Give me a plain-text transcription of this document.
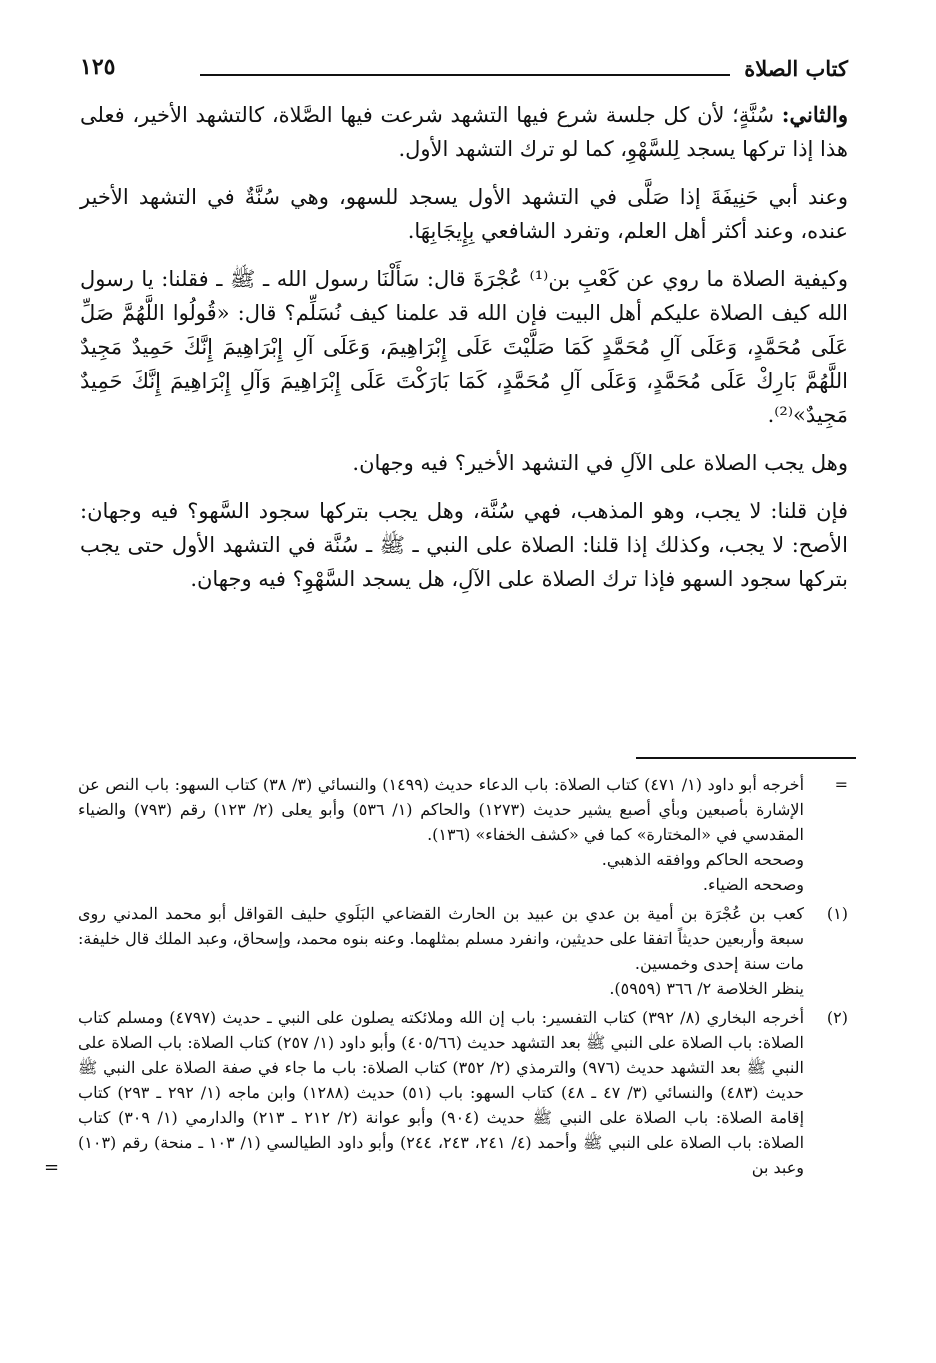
كتاب الصلاة
١٢٥

والثاني: سُنَّةٍ؛ لأن كل جلسة شرع فيها التشهد شرعت فيها الصَّلاة، كالتشهد الأخير، فعلى هذا إذا تركها يسجد لِلسَّهْوِ، كما لو ترك التشهد الأول.

وعند أبي حَنِيفَةَ إذا صَلَّى في التشهد الأول يسجد للسهو، وهي سُنَّةٌ في التشهد الأخير عنده، وعند أكثر أهل العلم، وتفرد الشافعي بِإِيجَابِهَا.

وكيفية الصلاة ما روي عن كَعْبِ بن⁽¹⁾ عُجْرَةَ قال: سَأَلْنَا رسول الله ـ ﷺ ـ فقلنا: يا رسول الله كيف الصلاة عليكم أهل البيت فإن الله قد علمنا كيف نُسَلِّم؟ قال: «قُولُوا اللَّهُمَّ صَلِّ عَلَى مُحَمَّدٍ، وَعَلَى آلِ مُحَمَّدٍ كَمَا صَلَّيْتَ عَلَى إِبْرَاهِيمَ، وَعَلَى آلِ إِبْرَاهِيمَ إِنَّكَ حَمِيدٌ مَجِيدٌ اللَّهُمَّ بَارِكْ عَلَى مُحَمَّدٍ، وَعَلَى آلِ مُحَمَّدٍ، كَمَا بَارَكْتَ عَلَى إِبْرَاهِيمَ وَآلِ إِبْرَاهِيمَ إِنَّكَ حَمِيدٌ مَجِيدٌ»⁽²⁾.

وهل يجب الصلاة على الآلِ في التشهد الأخير؟ فيه وجهان.

فإن قلنا: لا يجب، وهو المذهب، فهي سُنَّة، وهل يجب بتركها سجود السَّهو؟ فيه وجهان: الأصح: لا يجب، وكذلك إذا قلنا: الصلاة على النبي ـ ﷺ ـ سُنَّة في التشهد الأول حتى يجب بتركها سجود السهو فإذا ترك الصلاة على الآلِ، هل يسجد السَّهْوِ؟ فيه وجهان.

=
أخرجه أبو داود (١/ ٤٧١) كتاب الصلاة: باب الدعاء حديث (١٤٩٩) والنسائي (٣/ ٣٨) كتاب السهو: باب النص عن الإشارة بأصبعين وبأي أصبع يشير حديث (١٢٧٣) والحاكم (١/ ٥٣٦) وأبو يعلى (٢/ ١٢٣) رقم (٧٩٣) والضياء المقدسي في «المختارة» كما في «كشف الخفاء» (١٣٦).
وصححه الحاكم ووافقه الذهبي.
وصححه الضياء.
(١)
كعب بن عُجْرَة بن أمية بن عدي بن عبيد بن الحارث القضاعي البَلَوي حليف القواقل أبو محمد المدني روى سبعة وأربعين حديثاً اتفقا على حديثين، وانفرد مسلم بمثلهما. وعنه بنوه محمد، وإسحاق، وعبد الملك قال خليفة: مات سنة إحدى وخمسين.
ينظر الخلاصة ٢/ ٣٦٦ (٥٩٥٩).
(٢)
أخرجه البخاري (٨/ ٣٩٢) كتاب التفسير: باب إن الله وملائكته يصلون على النبي ـ حديث (٤٧٩٧) ومسلم كتاب الصلاة: باب الصلاة على النبي ﷺ بعد التشهد حديث (٤٠٥/٦٦) وأبو داود (١/ ٢٥٧) كتاب الصلاة: باب الصلاة على النبي ﷺ بعد التشهد حديث (٩٧٦) والترمذي (٢/ ٣٥٢) كتاب الصلاة: باب ما جاء في صفة الصلاة على النبي ﷺ حديث (٤٨٣) والنسائي (٣/ ٤٧ ـ ٤٨) كتاب السهو: باب (٥١) حديث (١٢٨٨) وابن ماجه (١/ ٢٩٢ ـ ٢٩٣) كتاب إقامة الصلاة: باب الصلاة على النبي ﷺ حديث (٩٠٤) وأبو عوانة (٢/ ٢١٢ ـ ٢١٣) والدارمي (١/ ٣٠٩) كتاب الصلاة: باب الصلاة على النبي ﷺ وأحمد (٤/ ٢٤١، ٢٤٣، ٢٤٤) وأبو داود الطيالسي (١/ ١٠٣ ـ منحة) رقم (١٠٣) وعبد بن
=
